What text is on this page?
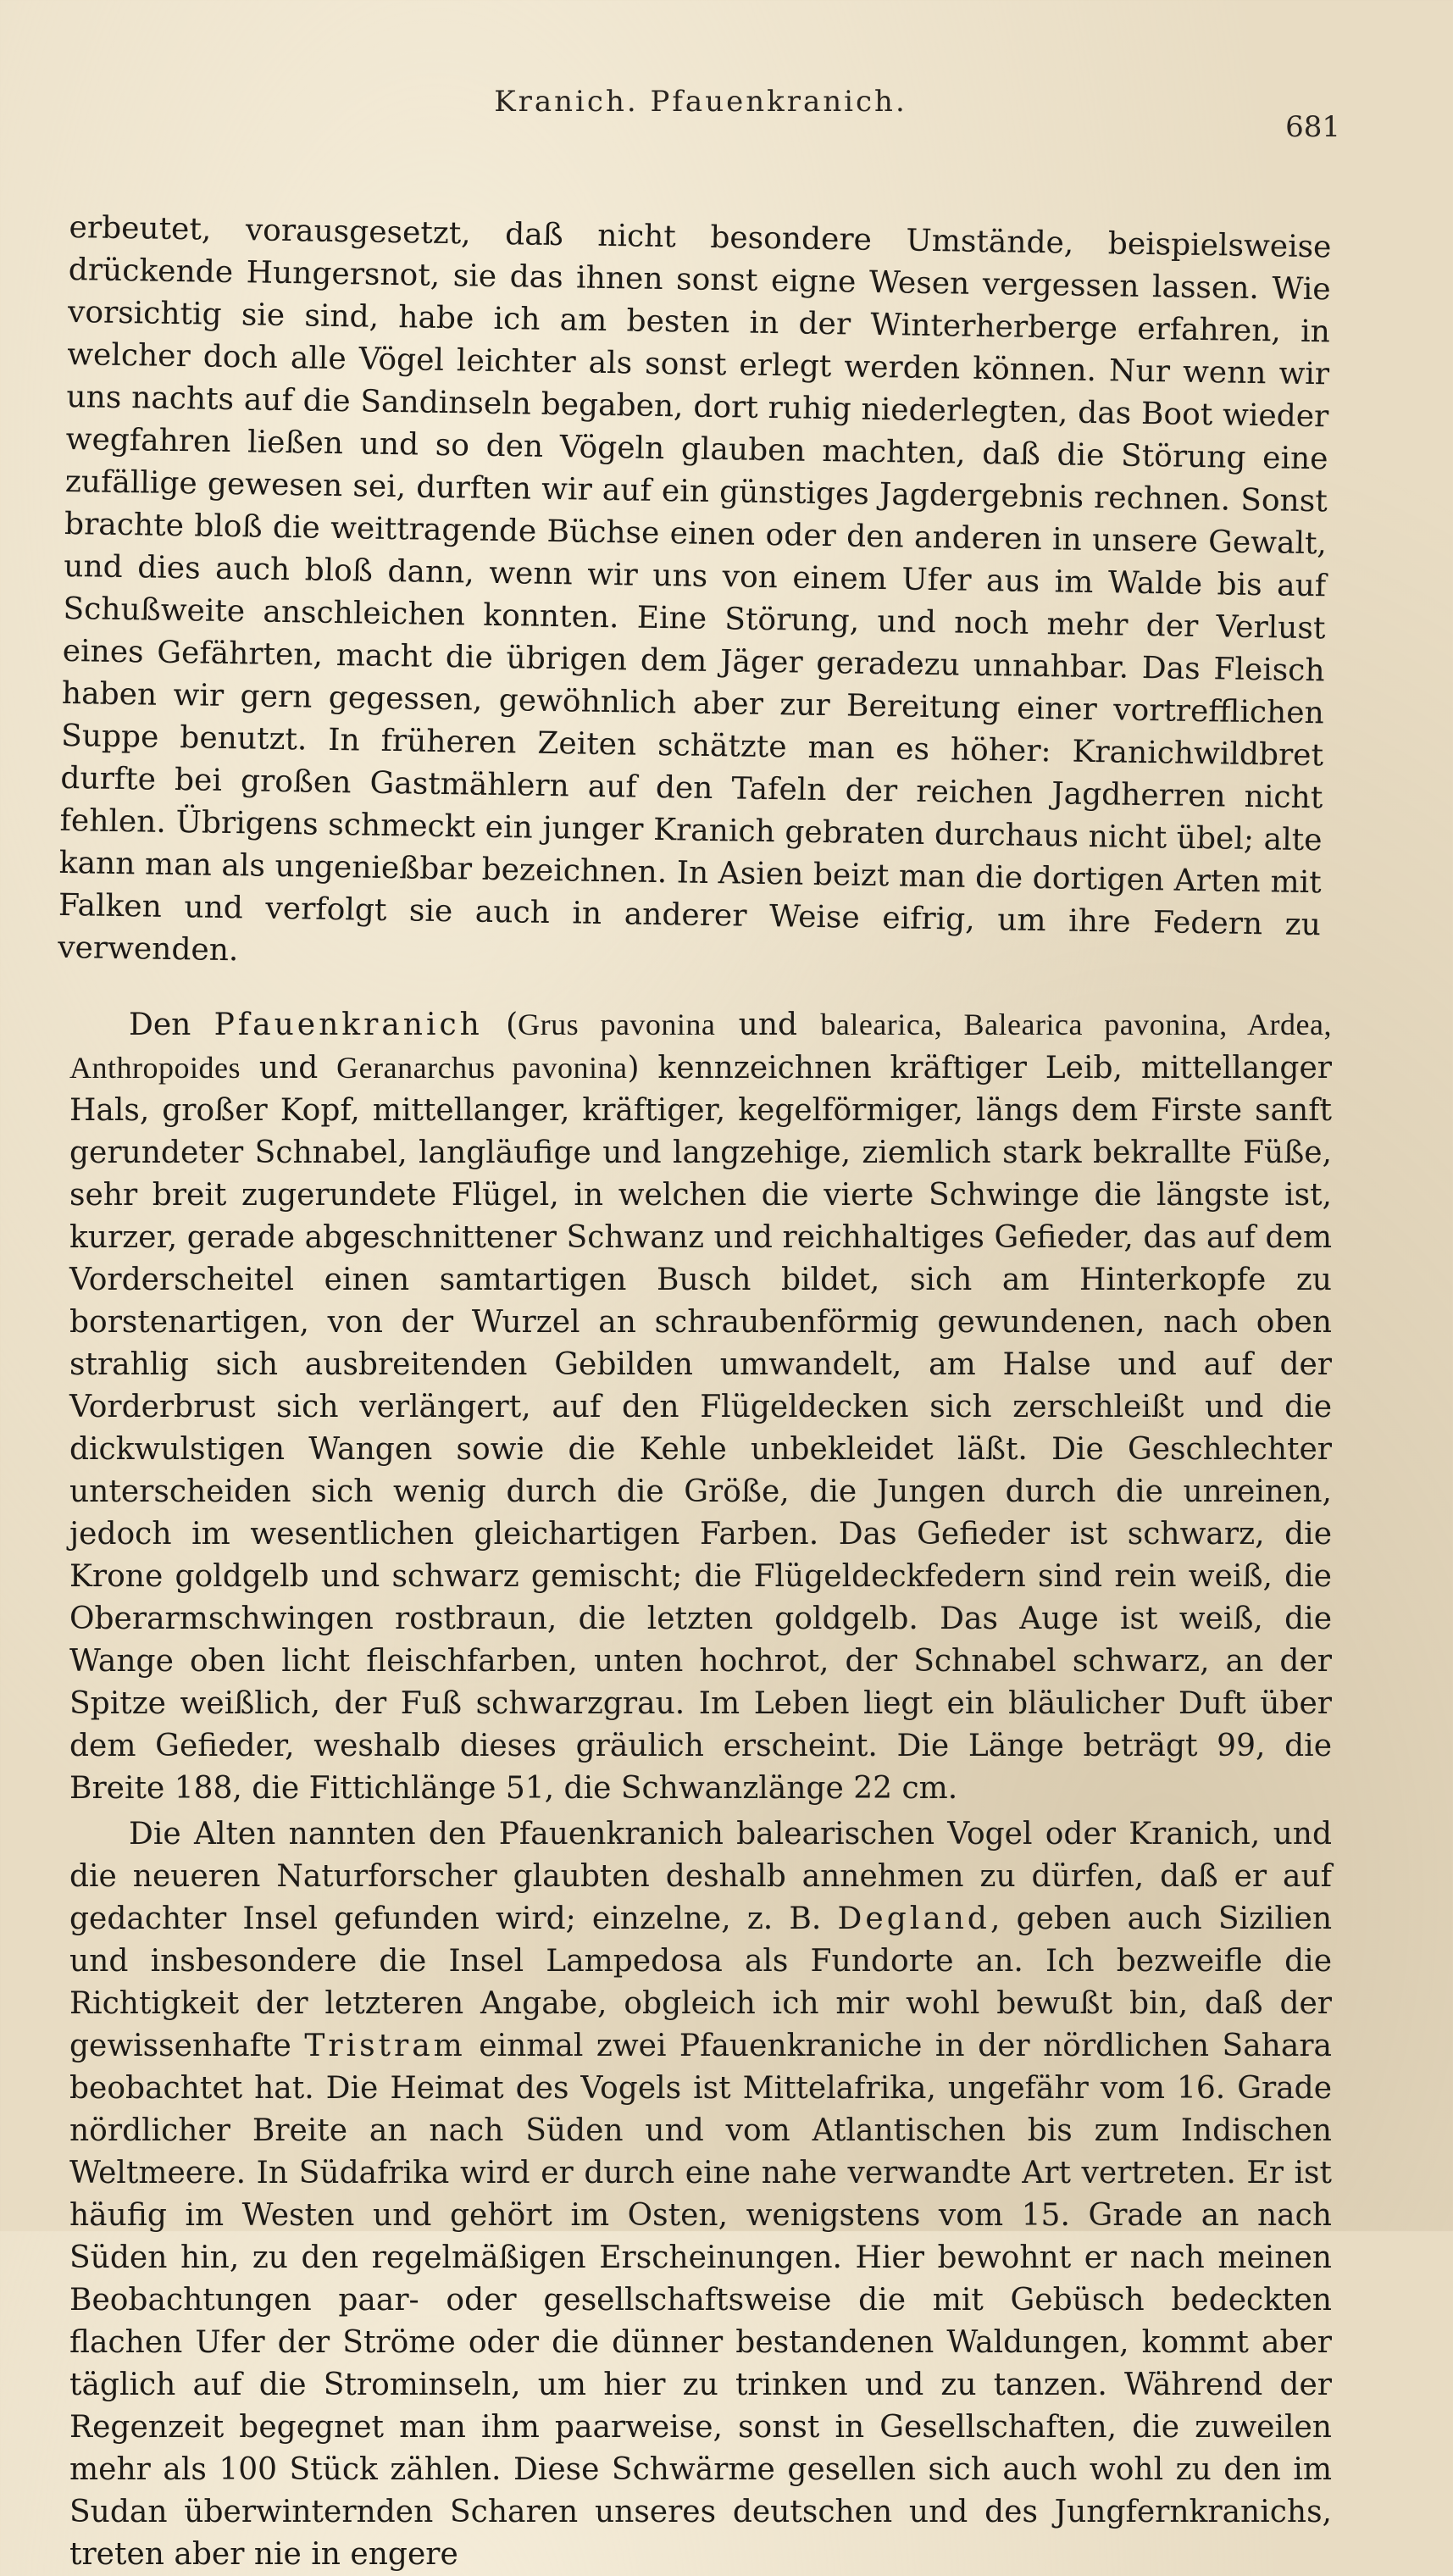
Kranich. Pfauenkranich.
681

erbeutet, vorausgesetzt, daß nicht besondere Umstände, beispielsweise drückende Hungersnot, sie das ihnen sonst eigne Wesen vergessen lassen. Wie vorsichtig sie sind, habe ich am besten in der Winterherberge erfahren, in welcher doch alle Vögel leichter als sonst erlegt werden können. Nur wenn wir uns nachts auf die Sandinseln begaben, dort ruhig niederlegten, das Boot wieder wegfahren ließen und so den Vögeln glauben machten, daß die Störung eine zufällige gewesen sei, durften wir auf ein günstiges Jagdergebnis rechnen. Sonst brachte bloß die weittragende Büchse einen oder den anderen in unsere Gewalt, und dies auch bloß dann, wenn wir uns von einem Ufer aus im Walde bis auf Schußweite anschleichen konnten. Eine Störung, und noch mehr der Verlust eines Gefährten, macht die übrigen dem Jäger geradezu unnahbar. Das Fleisch haben wir gern gegessen, gewöhnlich aber zur Bereitung einer vortrefflichen Suppe benutzt. In früheren Zeiten schätzte man es höher: Kranichwildbret durfte bei großen Gastmählern auf den Tafeln der reichen Jagdherren nicht fehlen. Übrigens schmeckt ein junger Kranich gebraten durchaus nicht übel; alte kann man als ungenießbar bezeichnen. In Asien beizt man die dortigen Arten mit Falken und verfolgt sie auch in anderer Weise eifrig, um ihre Federn zu verwenden.

Den Pfauenkranich (Grus pavonina und balearica, Balearica pavonina, Ardea, Anthropoides und Geranarchus pavonina) kennzeichnen kräftiger Leib, mittellanger Hals, großer Kopf, mittellanger, kräftiger, kegelförmiger, längs dem Firste sanft gerundeter Schnabel, langläufige und langzehige, ziemlich stark bekrallte Füße, sehr breit zugerundete Flügel, in welchen die vierte Schwinge die längste ist, kurzer, gerade abgeschnittener Schwanz und reichhaltiges Gefieder, das auf dem Vorderscheitel einen samtartigen Busch bildet, sich am Hinterkopfe zu borstenartigen, von der Wurzel an schraubenförmig gewundenen, nach oben strahlig sich ausbreitenden Gebilden umwandelt, am Halse und auf der Vorderbrust sich verlängert, auf den Flügeldecken sich zerschleißt und die dickwulstigen Wangen sowie die Kehle unbekleidet läßt. Die Geschlechter unterscheiden sich wenig durch die Größe, die Jungen durch die unreinen, jedoch im wesentlichen gleichartigen Farben. Das Gefieder ist schwarz, die Krone goldgelb und schwarz gemischt; die Flügeldeckfedern sind rein weiß, die Oberarmschwingen rostbraun, die letzten goldgelb. Das Auge ist weiß, die Wange oben licht fleischfarben, unten hochrot, der Schnabel schwarz, an der Spitze weißlich, der Fuß schwarzgrau. Im Leben liegt ein bläulicher Duft über dem Gefieder, weshalb dieses gräulich erscheint. Die Länge beträgt 99, die Breite 188, die Fittichlänge 51, die Schwanzlänge 22 cm.

Die Alten nannten den Pfauenkranich balearischen Vogel oder Kranich, und die neueren Naturforscher glaubten deshalb annehmen zu dürfen, daß er auf gedachter Insel gefunden wird; einzelne, z. B. Degland, geben auch Sizilien und insbesondere die Insel Lampedosa als Fundorte an. Ich bezweifle die Richtigkeit der letzteren Angabe, obgleich ich mir wohl bewußt bin, daß der gewissenhafte Tristram einmal zwei Pfauenkraniche in der nördlichen Sahara beobachtet hat. Die Heimat des Vogels ist Mittelafrika, ungefähr vom 16. Grade nördlicher Breite an nach Süden und vom Atlantischen bis zum Indischen Weltmeere. In Südafrika wird er durch eine nahe verwandte Art vertreten. Er ist häufig im Westen und gehört im Osten, wenigstens vom 15. Grade an nach Süden hin, zu den regelmäßigen Erscheinungen. Hier bewohnt er nach meinen Beobachtungen paar- oder gesellschaftsweise die mit Gebüsch bedeckten flachen Ufer der Ströme oder die dünner bestandenen Waldungen, kommt aber täglich auf die Strominseln, um hier zu trinken und zu tanzen. Während der Regenzeit begegnet man ihm paarweise, sonst in Gesellschaften, die zuweilen mehr als 100 Stück zählen. Diese Schwärme gesellen sich auch wohl zu den im Sudan überwinternden Scharen unseres deutschen und des Jungfernkranichs, treten aber nie in engere
